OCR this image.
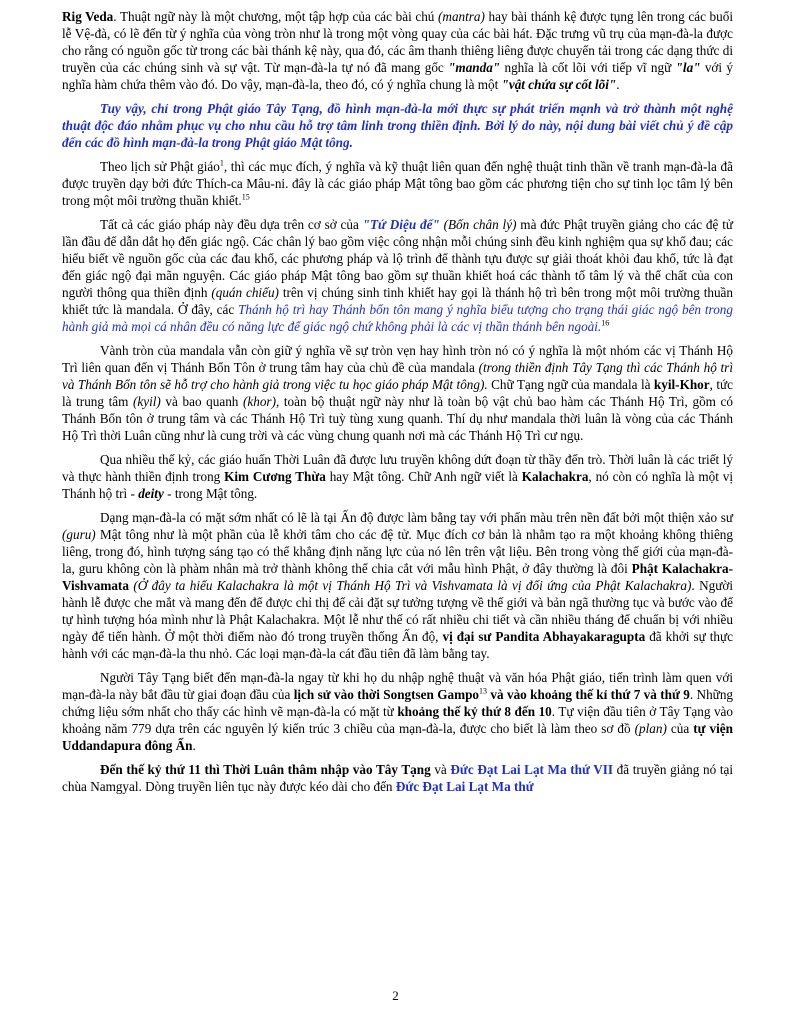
Rig Veda. Thuật ngữ này là một chương, một tập hợp của các bài chú (mantra) hay bài thánh kệ được tụng lên trong các buổi lễ Vệ-đà, có lẽ đến từ ý nghĩa của vòng tròn như là trong một vòng quay của các bài hát. Đặc trưng vũ trụ của mạn-đà-la được cho rằng có nguồn gốc từ trong các bài thánh kệ này, qua đó, các âm thanh thiêng liêng được chuyển tải trong các dạng thức di truyền của các chúng sinh và sự vật. Từ mạn-đà-la tự nó đã mang gốc "manda" nghĩa là cốt lõi với tiếp vĩ ngữ "la" với ý nghĩa hàm chứa thêm vào đó. Do vậy, mạn-đà-la, theo đó, có ý nghĩa chung là một "vật chứa sự cốt lõi".

Tuy vậy, chỉ trong Phật giáo Tây Tạng, đồ hình mạn-đà-la mới thực sự phát triển mạnh và trở thành một nghệ thuật độc đáo nhằm phục vụ cho nhu cầu hỗ trợ tâm linh trong thiền định. Bởi lý do này, nội dung bài viết chủ ý đề cập đến các đồ hình mạn-đà-la trong Phật giáo Mật tông.

Theo lịch sử Phật giáo$^1$, thì các mục đích, ý nghĩa và kỹ thuật liên quan đến nghệ thuật tinh thần về tranh mạn-đà-la đã được truyền dạy bởi đức Thích-ca Mâu-ni. đây là các giáo pháp Mật tông bao gồm các phương tiện cho sự tinh lọc tâm lý bên trong một môi trường thuần khiết.$^{15}$

Tất cả các giáo pháp này đều dựa trên cơ sở của "Tứ Diệu đế" (Bốn chân lý) mà đức Phật truyền giảng cho các đệ tử lần đầu để dẫn dắt họ đến giác ngộ. Các chân lý bao gồm việc công nhận mỗi chúng sinh đều kinh nghiệm qua sự khổ đau; các hiểu biết về nguồn gốc của các đau khổ, các phương pháp và lộ trình để thành tựu được sự giải thoát khỏi đau khổ, tức là đạt đến giác ngộ đại mãn nguyện. Các giáo pháp Mật tông bao gồm sự thuần khiết hoá các thành tố tâm lý và thể chất của con người thông qua thiền định (quán chiếu) trên vị chúng sinh tinh khiết hay gọi là thánh hộ trì bên trong một môi trường thuần khiết tức là mandala. Ở đây, các Thánh hộ trì hay Thánh bổn tôn mang ý nghĩa biểu tượng cho trạng thái giác ngộ bên trong hành giả mà mọi cá nhân đều có năng lực để giác ngộ chứ không phải là các vị thần thánh bên ngoài.$^{16}$

Vành tròn của mandala vẫn còn giữ ý nghĩa về sự tròn vẹn hay hình tròn nó có ý nghĩa là một nhóm các vị Thánh Hộ Trì liên quan đến vị Thánh Bổn Tôn ở trung tâm hay của chủ đề của mandala (trong thiền định Tây Tạng thì các Thánh hộ trì và Thánh Bổn tôn sẽ hỗ trợ cho hành giả trong việc tu học giáo pháp Mật tông). Chữ Tạng ngữ của mandala là kyil-Khor, tức là trung tâm (kyil) và bao quanh (khor), toàn bộ thuật ngữ này như là toàn bộ vật chủ bao hàm các Thánh Hộ Trì, gồm có Thánh Bổn tôn ở trung tâm và các Thánh Hộ Trì tuỳ tùng xung quanh. Thí dụ như mandala thời luân là vòng của các Thánh Hộ Trì thời Luân cũng như là cung trời và các vùng chung quanh nơi mà các Thánh Hộ Trì cư ngụ.

Qua nhiều thế kỷ, các giáo huấn Thời Luân đã được lưu truyền không dứt đoạn từ thầy đến trò. Thời luân là các triết lý và thực hành thiền định trong Kim Cương Thừa hay Mật tông. Chữ Anh ngữ viết là Kalachakra, nó còn có nghĩa là một vị Thánh hộ trì - deity - trong Mật tông.

Dạng mạn-đà-la có mặt sớm nhất có lẽ là tại Ấn độ được làm bằng tay với phấn màu trên nền đất bởi một thiện xảo sư (guru) Mật tông như là một phần của lễ khởi tâm cho các đệ tử. Mục đích cơ bản là nhằm tạo ra một khoảng không thiêng liêng, trong đó, hình tượng sáng tạo có thể khẳng định năng lực của nó lên trên vật liệu. Bên trong vòng thế giới của mạn-đà-la, guru không còn là phàm nhân mà trở thành không thể chia cắt với mẫu hình Phật, ở đây thường là đôi Phật Kalachakra-Vishvamata (Ở đây ta hiểu Kalachakra là một vị Thánh Hộ Trì và Vishvamata là vị đối ứng của Phật Kalachakra). Người hành lễ được che mắt và mang đến để được chỉ thị để cải đặt sự tưởng tượng về thế giới và bản ngã thường tục và bước vào để tự hình tượng hóa mình như là Phật Kalachakra. Một lễ như thế có rất nhiều chi tiết và cần nhiều tháng để chuẩn bị với nhiều ngày để tiến hành. Ở một thời điểm nào đó trong truyền thống Ấn độ, vị đại sư Pandita Abhayakaragupta đã khởi sự thực hành với các mạn-đà-la thu nhỏ. Các loại mạn-đà-la cát đầu tiên đã làm bằng tay.

Người Tây Tạng biết đến mạn-đà-la ngay từ khi họ du nhập nghệ thuật và văn hóa Phật giáo, tiến trình làm quen với mạn-đà-la này bắt đầu từ giai đoạn đầu của lịch sử vào thời Songtsen Gampo$^{13}$ và vào khoảng thế kỉ thứ 7 và thứ 9. Những chứng liệu sớm nhất cho thấy các hình vẽ mạn-đà-la có mặt từ khoảng thế kỷ thứ 8 đến 10. Tự viện đầu tiên ở Tây Tạng vào khoảng năm 779 dựa trên các nguyên lý kiến trúc 3 chiều của mạn-đà-la, được cho biết là làm theo sơ đồ (plan) của tự viện Uddandapura đông Ấn.

Đến thế kỷ thứ 11 thì Thời Luân thâm nhập vào Tây Tạng và Đức Đạt Lai Lạt Ma thứ VII đã truyền giảng nó tại chùa Namgyal. Dòng truyền liên tục này được kéo dài cho đến Đức Đạt Lai Lạt Ma thứ

2
